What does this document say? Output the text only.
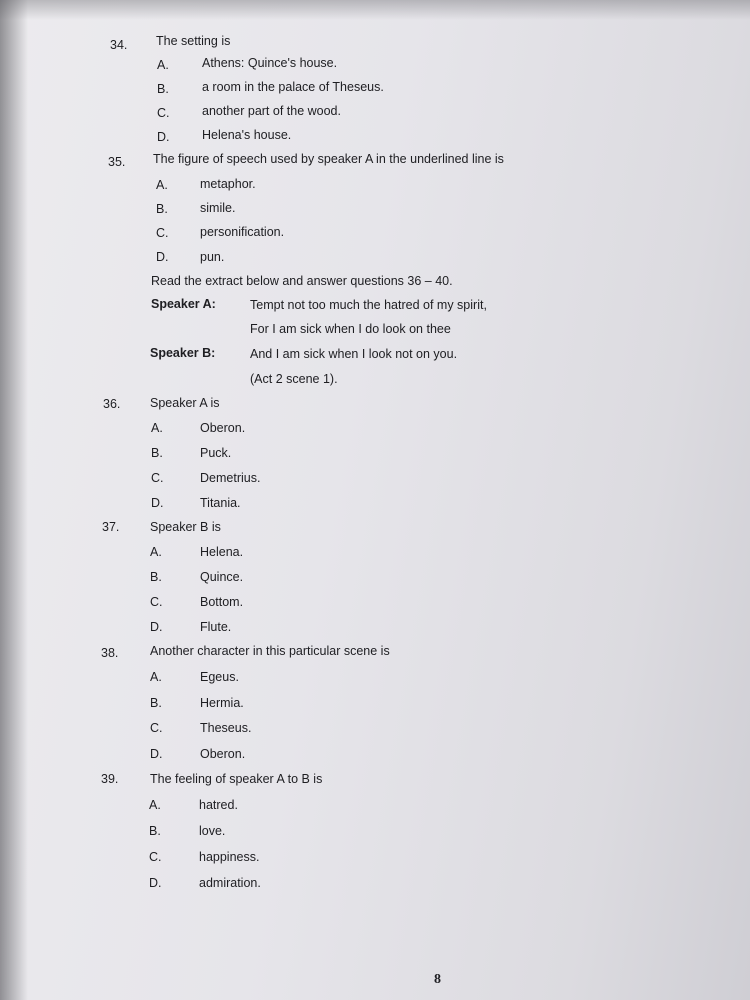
34. The setting is
A.	Athens: Quince's house.
B.	a room in the palace of Theseus.
C.	another part of the wood.
D.	Helena's house.
35. The figure of speech used by speaker A in the underlined line is
A.	metaphor.
B.	simile.
C.	personification.
D.	pun.
Read the extract below and answer questions 36 – 40.
Speaker A:	Tempt not too much the hatred of my spirit,
For I am sick when I do look on thee
Speaker B:	And I am sick when I look not on you.
(Act 2 scene 1).
36. Speaker A is
A.	Oberon.
B.	Puck.
C.	Demetrius.
D.	Titania.
37. Speaker B is
A.	Helena.
B.	Quince.
C.	Bottom.
D.	Flute.
38.	Another character in this particular scene is
A.	Egeus.
B.	Hermia.
C.	Theseus.
D.	Oberon.
39.	The feeling of speaker A to B is
A.	hatred.
B.	love.
C.	happiness.
D.	admiration.
8
